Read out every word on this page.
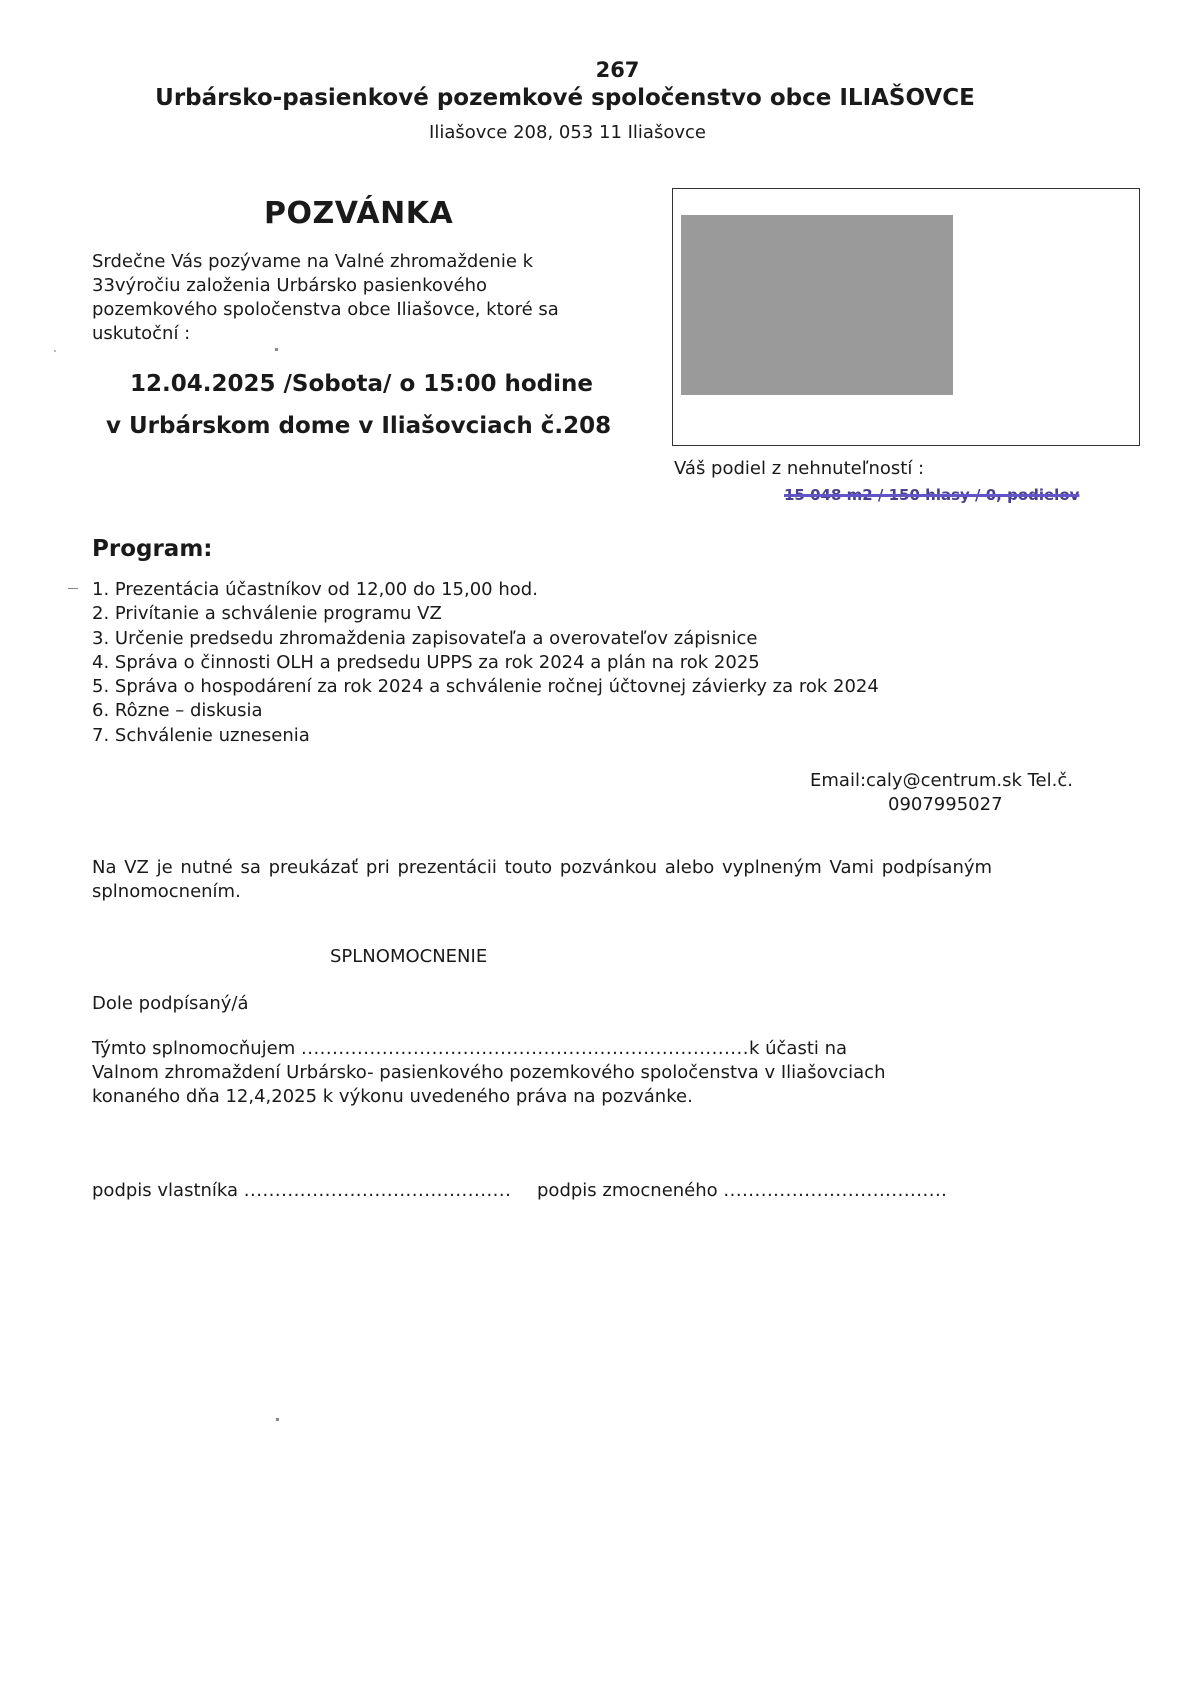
267
Urbársko-pasienkové pozemkové spoločenstvo obce ILIAŠOVCE
Iliašovce 208, 053 11 Iliašovce
POZVÁNKA
Srdečne Vás pozývame na Valné zhromaždenie k 33výročiu založenia Urbársko pasienkového pozemkového spoločenstva obce Iliašovce, ktoré sa uskutoční :
12.04.2025 /Sobota/ o 15:00 hodine
v Urbárskom dome v Iliašovciach č.208
Váš podiel z nehnuteľností :
15 048 m2 / 150 hlasy / 0, podielov
Program:
1. Prezentácia účastníkov od 12,00 do 15,00 hod.
2. Privítanie a schválenie programu VZ
3. Určenie predsedu zhromaždenia zapisovateľa a overovateľov zápisnice
4. Správa o činnosti OLH a predsedu UPPS za rok 2024 a plán na rok 2025
5. Správa o hospodárení za rok 2024 a schválenie ročnej účtovnej závierky za rok 2024
6. Rôzne – diskusia
7. Schválenie uznesenia
Email:caly@centrum.sk Tel.č.
0907995027
Na VZ je nutné sa preukázať pri prezentácii touto pozvánkou alebo vyplneným Vami podpísaným splnomocnením.
SPLNOMOCNENIE
Dole podpísaný/á
Týmto splnomocňujem ........................................................................k účasti na
Valnom zhromaždení Urbársko- pasienkového pozemkového spoločenstva v Iliašovciach
konaného dňa 12,4,2025 k výkonu uvedeného práva na pozvánke.
podpis vlastníka ........................................... podpis zmocneného ....................................
